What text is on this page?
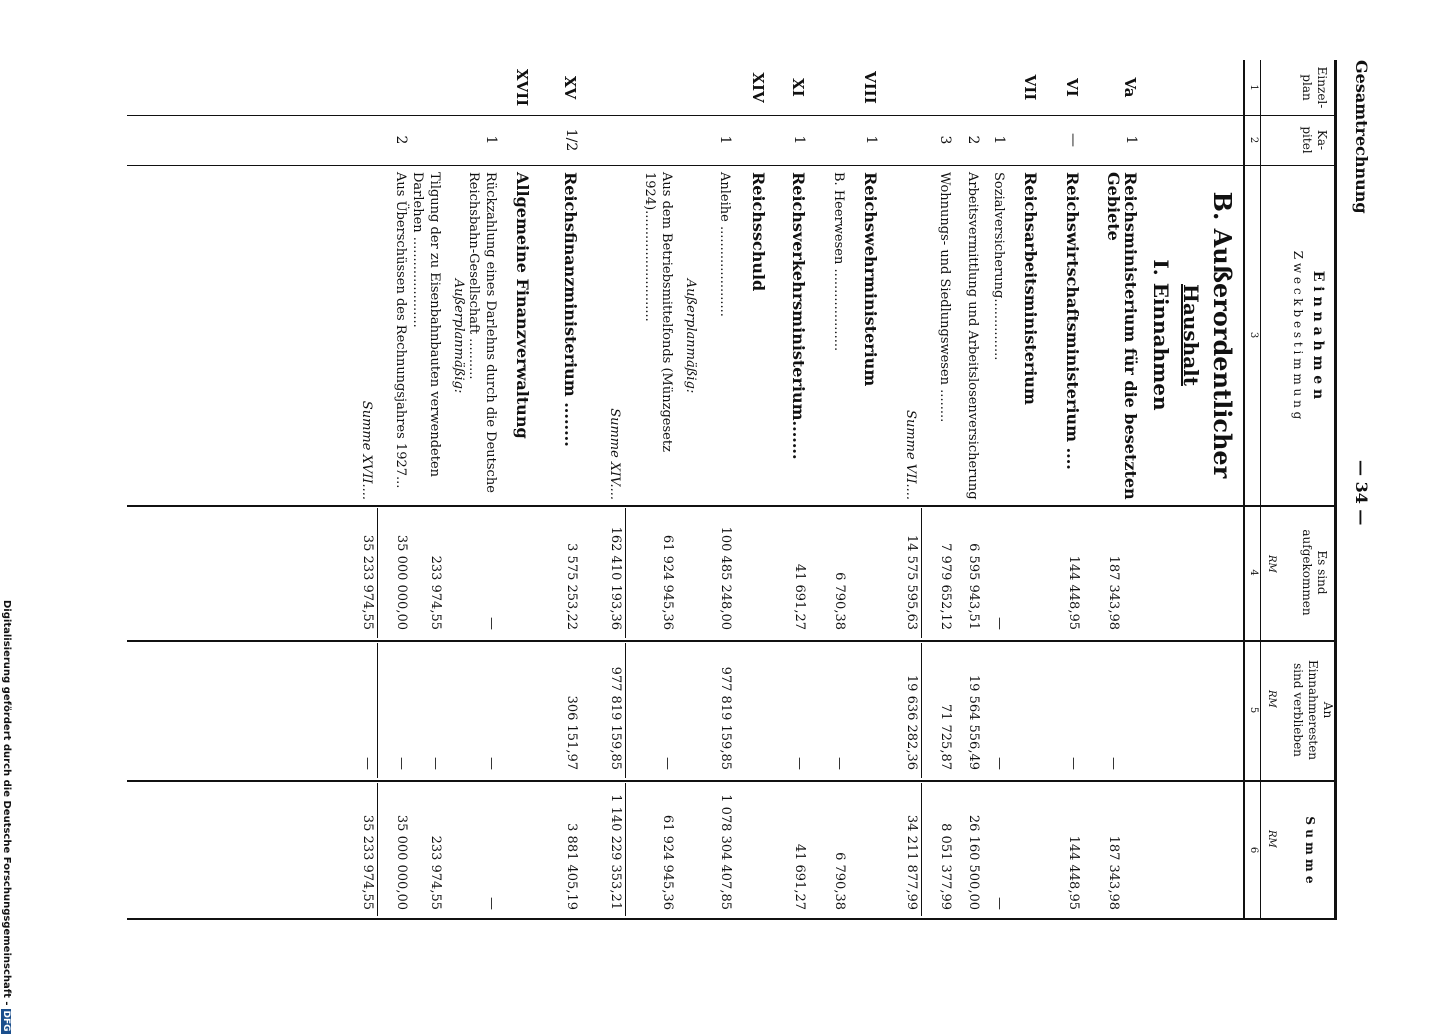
Gesamtrechnung
— 34 —
Einzel-
plan
Ka-
pitel
E i n n a h m e n
Z w e c k b e s t i m m u n g
Es sind
aufgekommen
An
Einnahmeresten
sind verblieben
S u m m e
RM
RM
RM
1
2
3
4
5
6
B. Außerordentlicher
Haushalt
I. Einnahmen
Va
1
Reichsministerium für die besetzten Gebiete
187 343,98
—
187 343,98
VI
—
Reichswirtschaftsministerium ....
144 448,95
—
144 448,95
VII
Reichsarbeitsministerium
1
Sozialversicherung...............
—
—
—
2
Arbeitsvermittlung und Arbeitslosenversicherung
6 595 943,51
19 564 556,49
26 160 500,00
3
Wohnungs- und Siedlungswesen ........
7 979 652,12
71 725,87
8 051 377,99
Summe VII....
14 575 595,63
19 636 282,36
34 211 877,99
VIII
1
Reichswehrministerium
B. Heerwesen ....................
6 790,38
—
6 790,38
XI
1
Reichsverkehrsministerium.......
41 691,27
—
41 691,27
XIV
Reichsschuld
1
Anleihe ......................
100 485 248,00
977 819 159,85
1 078 304 407,85
Außerplanmäßig:
Aus dem Betriebsmittelfonds (Münzgesetz 1924)...........................
61 924 945,36
—
61 924 945,36
Summe XIV....
162 410 193,36
977 819 159,85
1 140 229 353,21
XV
1/2
Reichsfinanzministerium ........
3 575 253,22
306 151,97
3 881 405,19
XVII
Allgemeine Finanzverwaltung
1
Rückzahlung eines Darlehns durch die Deutsche Reichsbahn-Gesellschaft ..........
—
—
—
Außerplanmäßig:
Tilgung der zu Eisenbahnbauten verwendeten Darlehen ......................
233 974,55
—
233 974,55
2
Aus Überschüssen des Rechnungsjahres 1927...
35 000 000,00
—
35 000 000,00
Summe XVII....
35 233 974,55
—
35 233 974,55
Digitalisierung gefördert durch die Deutsche Forschungsgemeinschaft -DFG
